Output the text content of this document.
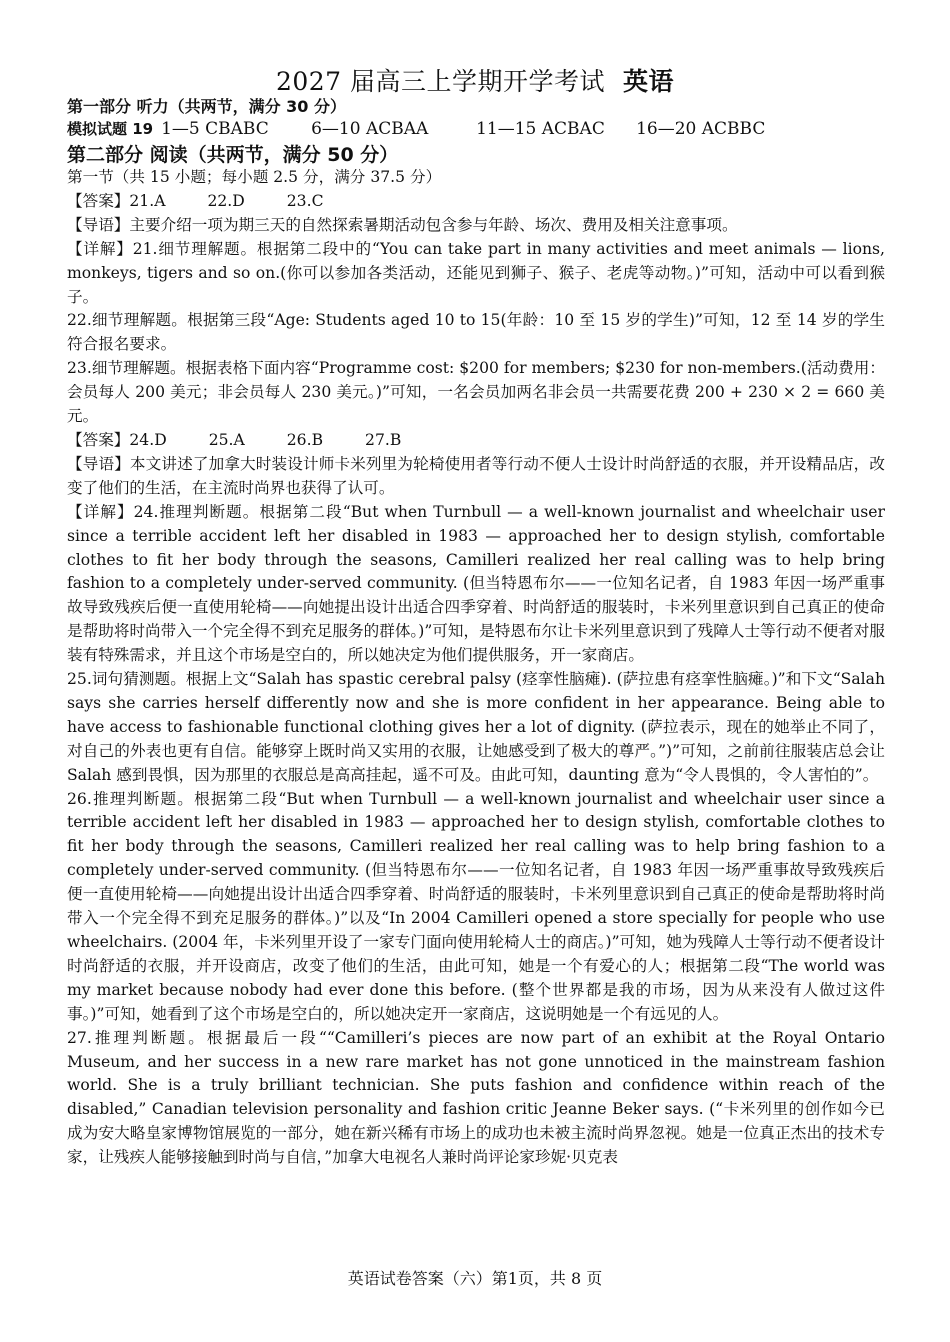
2027 届高三上学期开学考试 英语
第一部分 听力（共两节，满分 30 分）
模拟试题 19 1—5 CBABC 6—10 ACBAA	11—15 ACBAC 16—20 ACBBC
第二部分 阅读（共两节，满分 50 分）

第一节（共 15 小题；每小题 2.5 分，满分 37.5 分）

【答案】21.A	22.D	23.C

【导语】主要介绍一项为期三天的自然探索暑期活动包含参与年龄、场次、费用及相关注意事项。

【详解】21.细节理解题。根据第二段中的“You can take part in many activities and meet animals — lions, monkeys, tigers and so on.(你可以参加各类活动，还能见到狮子、猴子、老虎等动物。)”可知，活动中可以看到猴子。

22.细节理解题。根据第三段“Age: Students aged 10 to 15(年龄：10 至 15 岁的学生)”可知，12 至 14 岁的学生符合报名要求。

23.细节理解题。根据表格下面内容“Programme cost: $200 for members; $230 for non-members.(活动费用：会员每人 200 美元；非会员每人 230 美元。)”可知，一名会员加两名非会员一共需要花费 200 + 230 × 2 = 660 美元。

【答案】24.D	25.A	26.B	27.B

【导语】本文讲述了加拿大时装设计师卡米列里为轮椅使用者等行动不便人士设计时尚舒适的衣服，并开设精品店，改变了他们的生活，在主流时尚界也获得了认可。

【详解】24.推理判断题。根据第二段“But when Turnbull — a well-known journalist and wheelchair user since a terrible accident left her disabled in 1983 — approached her to design stylish, comfortable clothes to fit her body through the seasons, Camilleri realized her real calling was to help bring fashion to a completely under-served community. (但当特恩布尔——一位知名记者，自 1983 年因一场严重事故导致残疾后便一直使用轮椅——向她提出设计出适合四季穿着、时尚舒适的服装时，卡米列里意识到自己真正的使命是帮助将时尚带入一个完全得不到充足服务的群体。)”可知，是特恩布尔让卡米列里意识到了残障人士等行动不便者对服装有特殊需求，并且这个市场是空白的，所以她决定为他们提供服务，开一家商店。

25.词句猜测题。根据上文“Salah has spastic cerebral palsy (痉挛性脑瘫). (萨拉患有痉挛性脑瘫。)”和下文“Salah says she carries herself differently now and she is more confident in her appearance. Being able to have access to fashionable functional clothing gives her a lot of dignity. (萨拉表示，现在的她举止不同了，对自己的外表也更有自信。能够穿上既时尚又实用的衣服，让她感受到了极大的尊严。”)”可知，之前前往服装店总会让 Salah 感到畏惧，因为那里的衣服总是高高挂起，遥不可及。由此可知，daunting 意为“令人畏惧的，令人害怕的”。

26.推理判断题。根据第二段“But when Turnbull — a well-known journalist and wheelchair user since a terrible accident left her disabled in 1983 — approached her to design stylish, comfortable clothes to fit her body through the seasons, Camilleri realized her real calling was to help bring fashion to a completely under-served community. (但当特恩布尔——一位知名记者，自 1983 年因一场严重事故导致残疾后便一直使用轮椅——向她提出设计出适合四季穿着、时尚舒适的服装时，卡米列里意识到自己真正的使命是帮助将时尚带入一个完全得不到充足服务的群体。)”以及“In 2004 Camilleri opened a store specially for people who use wheelchairs. (2004 年，卡米列里开设了一家专门面向使用轮椅人士的商店。)”可知，她为残障人士等行动不便者设计时尚舒适的衣服，并开设商店，改变了他们的生活，由此可知，她是一个有爱心的人；根据第二段“The world was my market because nobody had ever done this before. (整个世界都是我的市场，因为从来没有人做过这件事。)”可知，她看到了这个市场是空白的，所以她决定开一家商店，这说明她是一个有远见的人。

27.推理判断题。根据最后一段““Camilleri’s pieces are now part of an exhibit at the Royal Ontario Museum, and her success in a new rare market has not gone unnoticed in the mainstream fashion world. She is a truly brilliant technician. She puts fashion and confidence within reach of the disabled,” Canadian television personality and fashion critic Jeanne Beker says. (“卡米列里的创作如今已成为安大略皇家博物馆展览的一部分，她在新兴稀有市场上的成功也未被主流时尚界忽视。她是一位真正杰出的技术专家，让残疾人能够接触到时尚与自信，”加拿大电视名人兼时尚评论家珍妮·贝克表

英语试卷答案（六）第1页，共 8 页
